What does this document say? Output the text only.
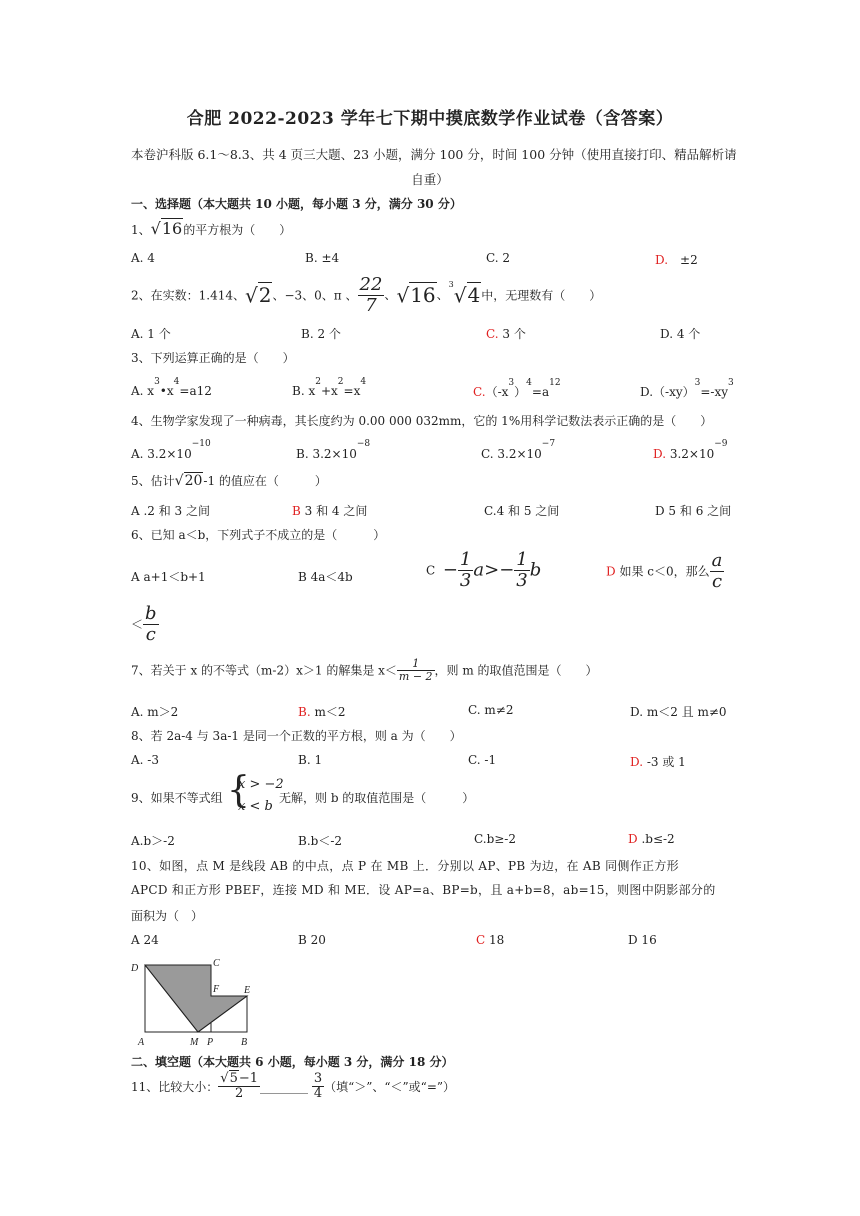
合肥 2022-2023 学年七下期中摸底数学作业试卷（含答案）
本卷沪科版 6.1～8.3、共 4 页三大题、23 小题，满分 100 分，时间 100 分钟（使用直接打印、精品解析请
自重）
一、选择题（本大题共 10 小题，每小题 3 分，满分 30 分）
1、√16的平方根为（　　）
A. 4	B. ±4	C. 2	D.　 ±2
2、在实数：1.414、√2、−3、0、π 、 $\frac{22}{7}$ 、√16、$^3$√4中，无理数有（　　）
A. 1 个	B. 2 个	C. 3 个	D. 4 个
3、下列运算正确的是（　　）
A. $x^3•x^4=a12$	B. $x^2+x^2=x^4$
$C.(-x^3)^4=a^{12}$
$D.(-xy)^3=-xy^3$
4、生物学家发现了一种病毒，其长度约为 0.00 000 032mm，它的 1%用科学记数法表示正确的是（　　）
A. $3.2\times 10^{-10}$
B. $3.2\times 10^{-8}$
C. $3.2\times 10^{-7}$
D. $3.2\times 10^{-9}$
5、估计√20-1 的值应在（　　　）
A .2 和 3 之间	B 3 和 4 之间	C.4 和 5 之间	D 5 和 6 之间
6、已知 a＜b，下列式子不成立的是（　　　）
A a+1＜b+1	B 4a＜4b	$C - \frac{1}{3} a>- \frac{1}{3}$ b	D 如果 c＜0，那么 $\frac{a}{c}$
＜ $\frac{b}{c}$
7、若关于 x 的不等式（m-2）x＞1 的解集是 $x< \frac{1}{m - 2}$ ，则 m 的取值范围是（　　）
A. m＞2	B. m＜2	C. m≠2	D. m＜2 且 m≠0
8、若 2a-4 与 3a-1 是同一个正数的平方根，则 a 为（　　）
A. -3	B. 1	C. -1	D. -3 或 1
9、如果不等式组 {
x > −2
x < b
无解，则 b 的取值范围是（　　　）
A.b＞-2	B.b＜-2	C.b≥-2	D .b≤-2
10、如图，点 M 是线段 AB 的中点，点 P 在 MB 上．分别以 AP、PB 为边，在 AB 同侧作正方形
APCD 和正方形 PBEF，连接 MD 和 ME．设 AP=a、BP=b，且 a+b=8，ab=15，则图中阴影部分的
面积为（　）
A 24	B 20	C 18	D 16
D	C
F E
A	M P	B
二、填空题（本大题共 6 小题，每小题 3 分，满分 18 分）
11、比较大小： $\frac{√5-1}{2}$ ________ $\frac{3}{4}$ （填“＞”、“＜”或“=”）
